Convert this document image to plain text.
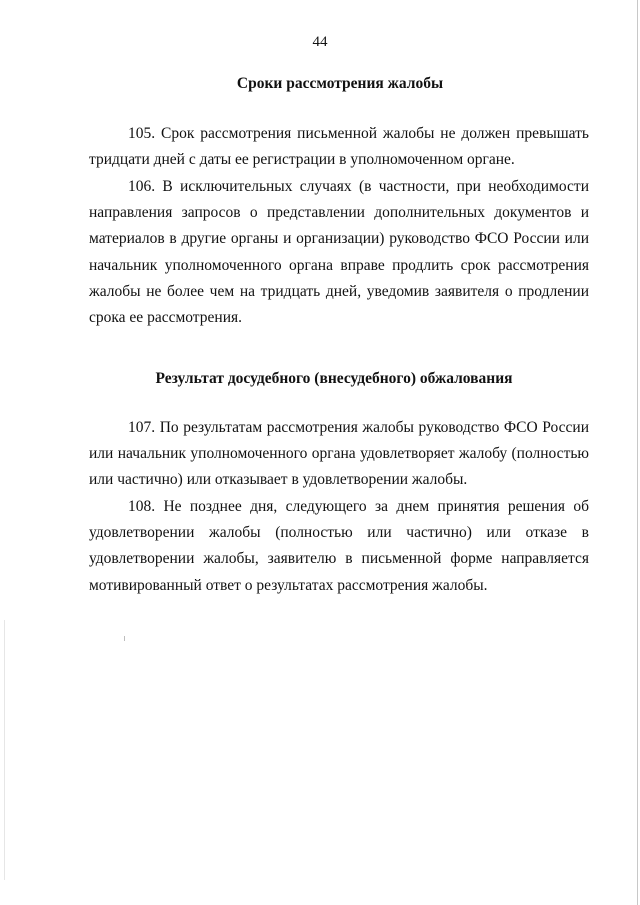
44
Сроки рассмотрения жалобы
105. Срок рассмотрения письменной жалобы не должен превышать тридцати дней с даты ее регистрации в уполномоченном органе.
106. В исключительных случаях (в частности, при необходимости направления запросов о представлении дополнительных документов и материалов в другие органы и организации) руководство ФСО России или начальник уполномоченного органа вправе продлить срок рассмотрения жалобы не более чем на тридцать дней, уведомив заявителя о продлении срока ее рассмотрения.
Результат досудебного (внесудебного) обжалования
107. По результатам рассмотрения жалобы руководство ФСО России или начальник уполномоченного органа удовлетворяет жалобу (полностью или частично) или отказывает в удовлетворении жалобы.
108. Не позднее дня, следующего за днем принятия решения об удовлетворении жалобы (полностью или частично) или отказе в удовлетворении жалобы, заявителю в письменной форме направляется мотивированный ответ о результатах рассмотрения жалобы.
